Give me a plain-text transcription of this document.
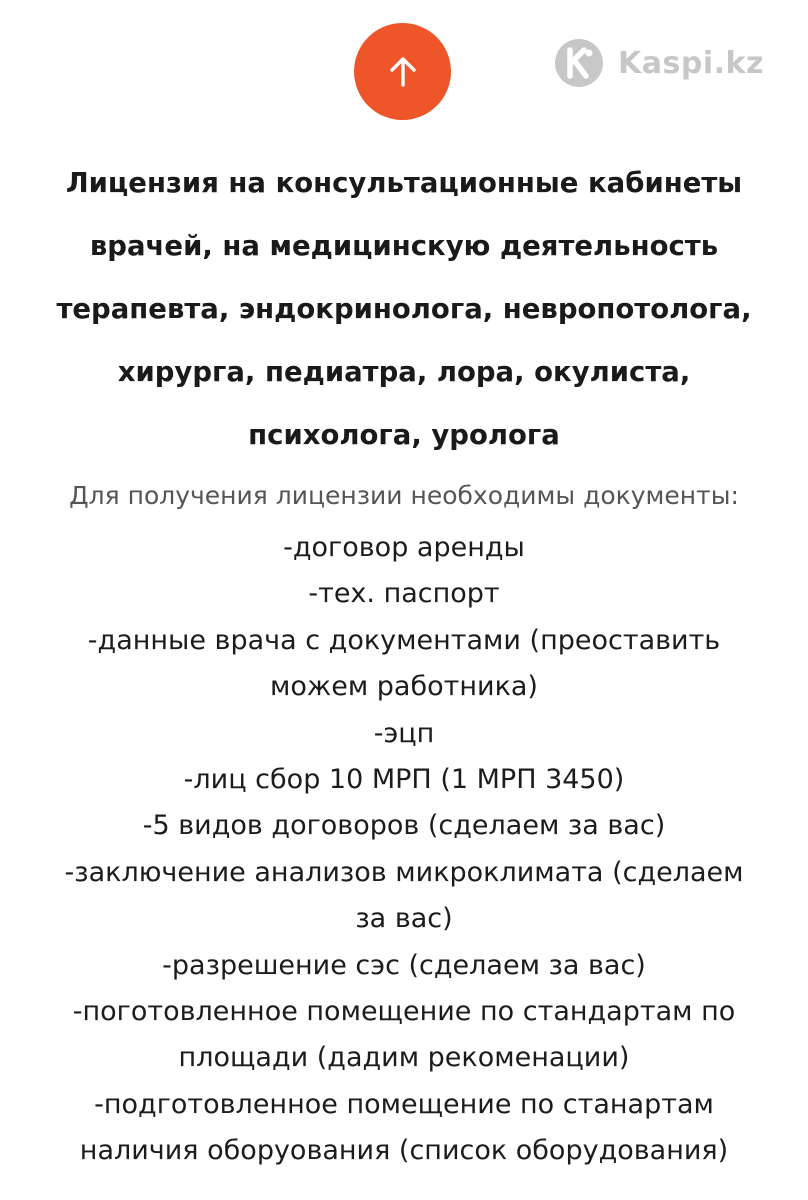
Kaspi.kz
Лицензия на консультационные кабинеты
врачей, на медицинскую деятельность
терапевта, эндокринолога, невропотолога,
хирурга, педиатра, лора, окулиста,
психолога, уролога
Для получения лицензии необходимы документы:
-договор аренды
-тех. паспорт
-данные врача с документами (преоставить
можем работника)
-эцп
-лиц сбор 10 МРП (1 МРП 3450)
-5 видов договоров (сделаем за вас)
-заключение анализов микроклимата (сделаем
за вас)
-разрешение сэс (сделаем за вас)
-поготовленное помещение по стандартам по
площади (дадим рекоменации)
-подготовленное помещение по станартам
наличия оборуования (список оборудования)
